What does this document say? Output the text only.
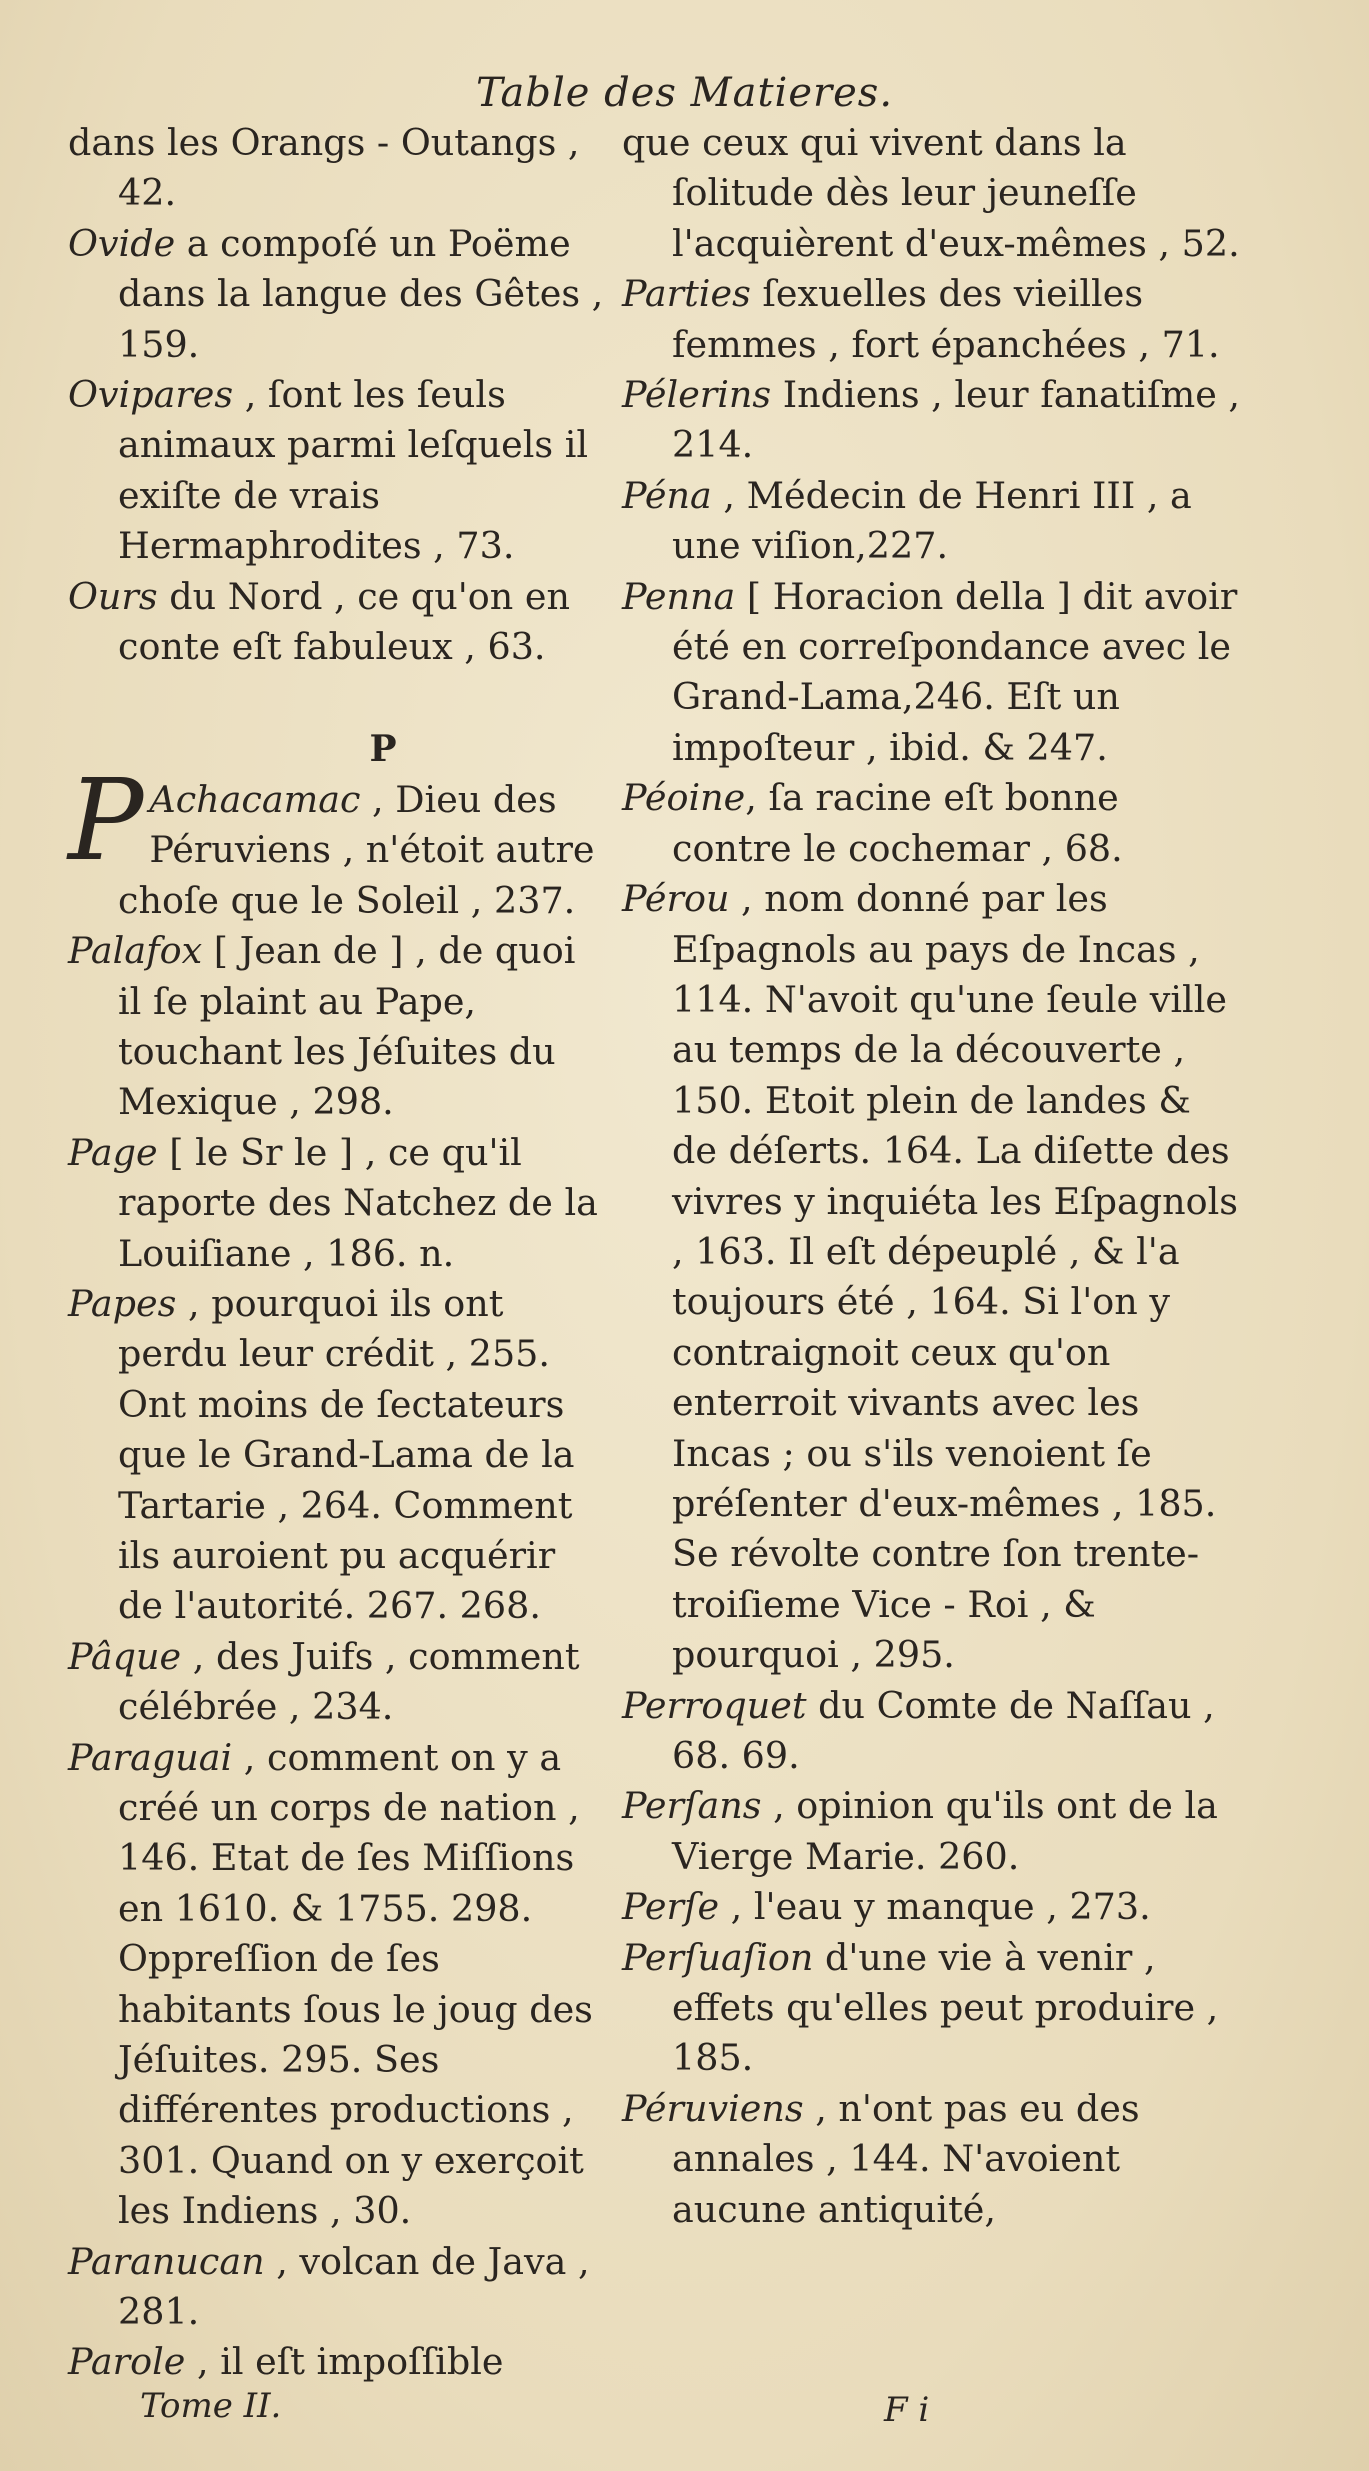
Table des Matieres.

dans les Orangs - Outangs , 42.

Ovide a compoſé un Poëme dans la langue des Gêtes , 159.

Ovipares , ſont les ſeuls animaux parmi leſquels il exiſte de vrais Hermaphrodites , 73.

Ours du Nord , ce qu'on en conte eſt fabuleux , 63.

P

P Achacamac , Dieu des Péruviens , n'étoit autre choſe que le Soleil , 237.

Palafox [ Jean de ] , de quoi il ſe plaint au Pape, touchant les Jéſuites du Mexique , 298.

Page [ le Sr le ] , ce qu'il raporte des Natchez de la Louiſiane , 186. n.

Papes , pourquoi ils ont perdu leur crédit , 255. Ont moins de ſectateurs que le Grand-Lama de la Tartarie , 264. Comment ils auroient pu acquérir de l'autorité. 267. 268.

Pâque , des Juifs , comment célébrée , 234.

Paraguai , comment on y a créé un corps de nation , 146. Etat de ſes Miſſions en 1610. & 1755. 298. Oppreſſion de ſes habitants ſous le joug des Jéſuites. 295. Ses différentes productions , 301. Quand on y exerçoit les Indiens , 30.

Paranucan , volcan de Java , 281.

Parole , il eſt impoſſible

que ceux qui vivent dans la ſolitude dès leur jeuneſſe l'acquièrent d'eux-mêmes , 52.

Parties ſexuelles des vieilles femmes , fort épanchées , 71.

Pélerins Indiens , leur fanatiſme , 214.

Péna , Médecin de Henri III , a une viſion,227.

Penna [ Horacion della ] dit avoir été en correſpondance avec le Grand-Lama,246. Eſt un impoſteur , ibid. & 247.

Péoine, ſa racine eſt bonne contre le cochemar , 68.

Pérou , nom donné par les Eſpagnols au pays de Incas , 114. N'avoit qu'une ſeule ville au temps de la découverte , 150. Etoit plein de landes & de déſerts. 164. La diſette des vivres y inquiéta les Eſpagnols , 163. Il eſt dépeuplé , & l'a toujours été , 164. Si l'on y contraignoit ceux qu'on enterroit vivants avec les Incas ; ou s'ils venoient ſe préſenter d'eux-mêmes , 185. Se révolte contre ſon trente-troiſieme Vice - Roi , & pourquoi , 295.

Perroquet du Comte de Naſſau , 68. 69.

Perſans , opinion qu'ils ont de la Vierge Marie. 260.

Perſe , l'eau y manque , 273.

Perſuaſion d'une vie à venir , effets qu'elles peut produire , 185.

Péruviens , n'ont pas eu des annales , 144. N'avoient aucune antiquité,

Tome II.	F i
